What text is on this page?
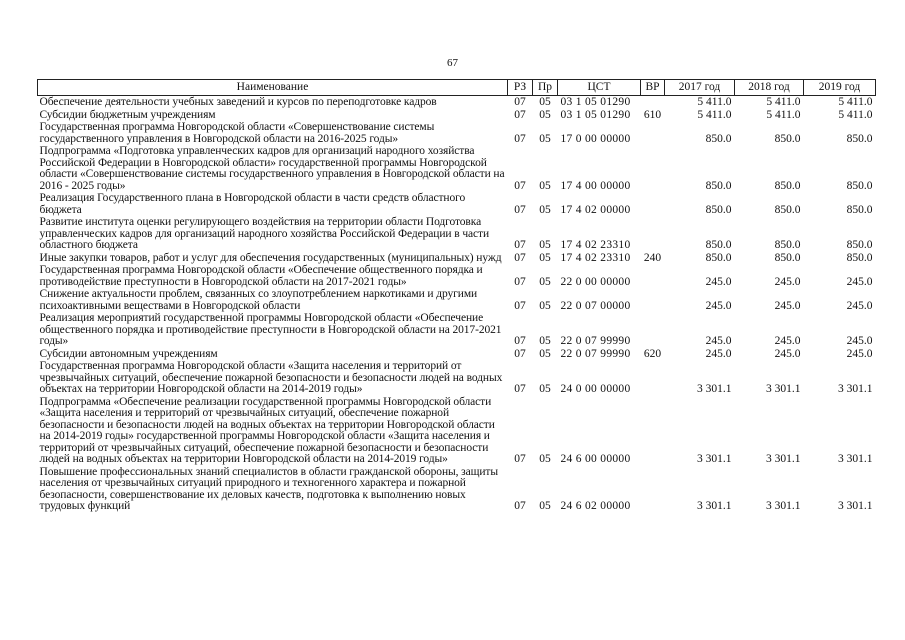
67
Наименование	РЗ	Пр	ЦСТ	ВР	2017 год	2018 год	2019 год
Обеспечение деятельности учебных заведений и курсов по переподготовке кадров	07	05	03 1 05 01290		5 411.0	5 411.0	5 411.0
Субсидии бюджетным учреждениям	07	05	03 1 05 01290	610	5 411.0	5 411.0	5 411.0
Государственная программа Новгородской области «Совершенствование системы государственного управления в Новгородской области на 2016-2025 годы»	07	05	17 0 00 00000		850.0	850.0	850.0
Подпрограмма «Подготовка управленческих кадров для организаций народного хозяйства Российской Федерации в Новгородской области» государственной программы Новгородской области «Совершенствование системы государственного управления в Новгородской области на 2016 - 2025 годы»	07	05	17 4 00 00000		850.0	850.0	850.0
Реализация Государственного плана в Новгородской области в части средств областного бюджета	07	05	17 4 02 00000		850.0	850.0	850.0
Развитие института оценки регулирующего воздействия на территории области Подготовка управленческих кадров для организаций народного хозяйства Российской Федерации в части областного бюджета	07	05	17 4 02 23310		850.0	850.0	850.0
Иные закупки товаров, работ и услуг для обеспечения государственных (муниципальных) нужд	07	05	17 4 02 23310	240	850.0	850.0	850.0
Государственная программа Новгородской области «Обеспечение общественного порядка и противодействие преступности в Новгородской области на 2017-2021 годы»	07	05	22 0 00 00000		245.0	245.0	245.0
Снижение актуальности проблем, связанных со злоупотреблением наркотиками и другими психоактивными веществами в Новгородской области	07	05	22 0 07 00000		245.0	245.0	245.0
Реализация мероприятий государственной программы Новгородской области «Обеспечение общественного порядка и противодействие преступности в Новгородской области на 2017-2021 годы»	07	05	22 0 07 99990		245.0	245.0	245.0
Субсидии автономным учреждениям	07	05	22 0 07 99990	620	245.0	245.0	245.0
Государственная программа Новгородской области «Защита населения и территорий от чрезвычайных ситуаций, обеспечение пожарной безопасности и безопасности людей на водных объектах на территории Новгородской области на 2014-2019 годы»	07	05	24 0 00 00000		3 301.1	3 301.1	3 301.1
Подпрограмма «Обеспечение реализации государственной программы Новгородской области «Защита населения и территорий от чрезвычайных ситуаций, обеспечение пожарной безопасности и безопасности людей на водных объектах на территории Новгородской области на 2014-2019 годы» государственной программы Новгородской области «Защита населения и территорий от чрезвычайных ситуаций, обеспечение пожарной безопасности и безопасности людей на водных объектах на территории Новгородской области на 2014-2019 годы»	07	05	24 6 00 00000		3 301.1	3 301.1	3 301.1
Повышение профессиональных знаний специалистов в области гражданской обороны, защиты населения от чрезвычайных ситуаций природного и техногенного характера и пожарной безопасности, совершенствование их деловых качеств, подготовка к выполнению новых трудовых функций	07	05	24 6 02 00000		3 301.1	3 301.1	3 301.1
